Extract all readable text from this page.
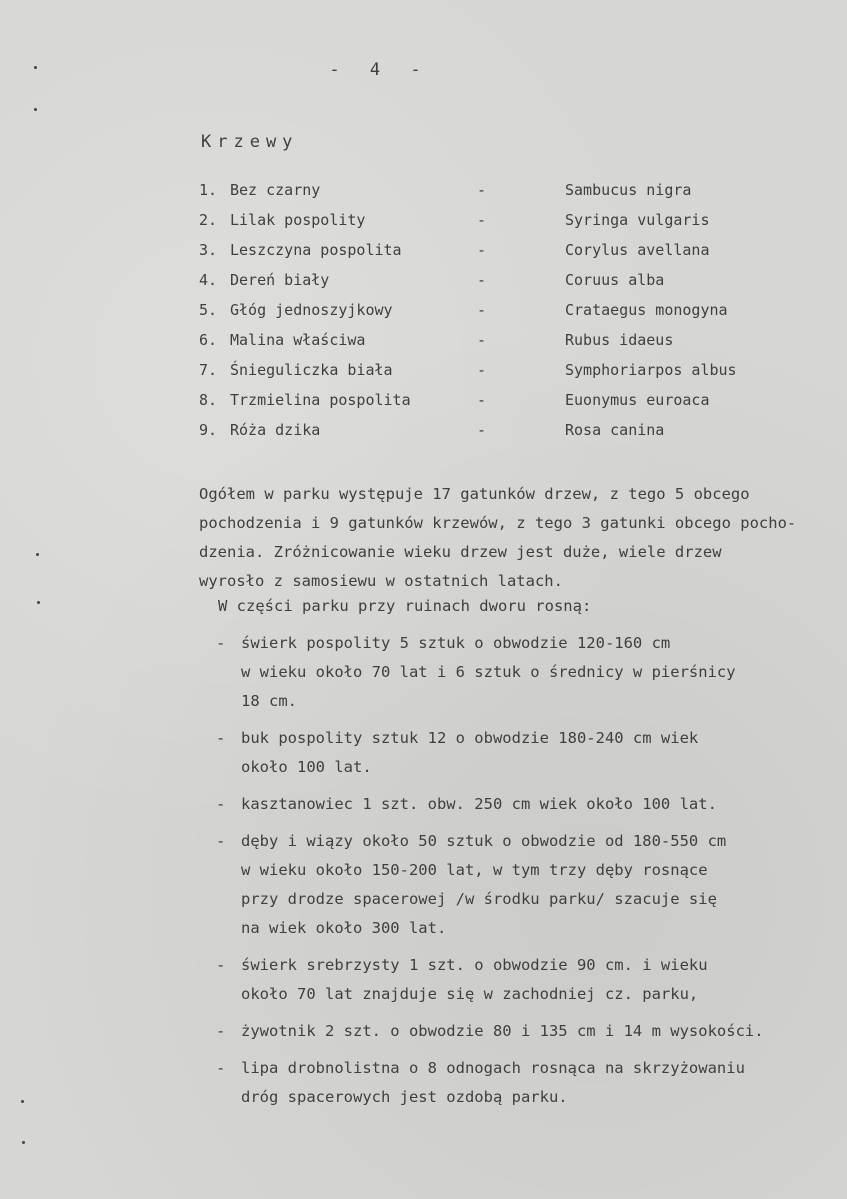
- 4 -
Krzewy
1. Bez czarny	-	Sambucus nigra
2. Lilak pospolity	-	Syringa vulgaris
3. Leszczyna pospolita	-	Corylus avellana
4. Dereń biały	-	Coruus alba
5. Głóg jednoszyjkowy	-	Crataegus monogyna
6. Malina właściwa	-	Rubus idaeus
7. Śnieguliczka biała	-	Symphoriarpos albus
8. Trzmielina pospolita	-	Euonymus euroaca
9. Róża dzika	-	Rosa canina
Ogółem w parku występuje 17 gatunków drzew, z tego 5 obcego
pochodzenia i 9 gatunków krzewów, z tego 3 gatunki obcego pocho-
dzenia. Zróżnicowanie wieku drzew jest duże, wiele drzew
wyrosło z samosiewu w ostatnich latach.
W części parku przy ruinach dworu rosną:
- świerk pospolity 5 sztuk o obwodzie 120-160 cm
w wieku około 70 lat i 6 sztuk o średnicy w pierśnicy
18 cm.
- buk pospolity sztuk 12 o obwodzie 180-240 cm wiek
około 100 lat.
- kasztanowiec 1 szt. obw. 250 cm wiek około 100 lat.
- dęby i wiązy około 50 sztuk o obwodzie od 180-550 cm
w wieku około 150-200 lat, w tym trzy dęby rosnące
przy drodze spacerowej /w środku parku/ szacuje się
na wiek około 300 lat.
- świerk srebrzysty 1 szt. o obwodzie 90 cm. i wieku
około 70 lat znajduje się w zachodniej cz. parku,
- żywotnik 2 szt. o obwodzie 80 i 135 cm i 14 m wysokości.
- lipa drobnolistna o 8 odnogach rosnąca na skrzyżowaniu
dróg spacerowych jest ozdobą parku.
